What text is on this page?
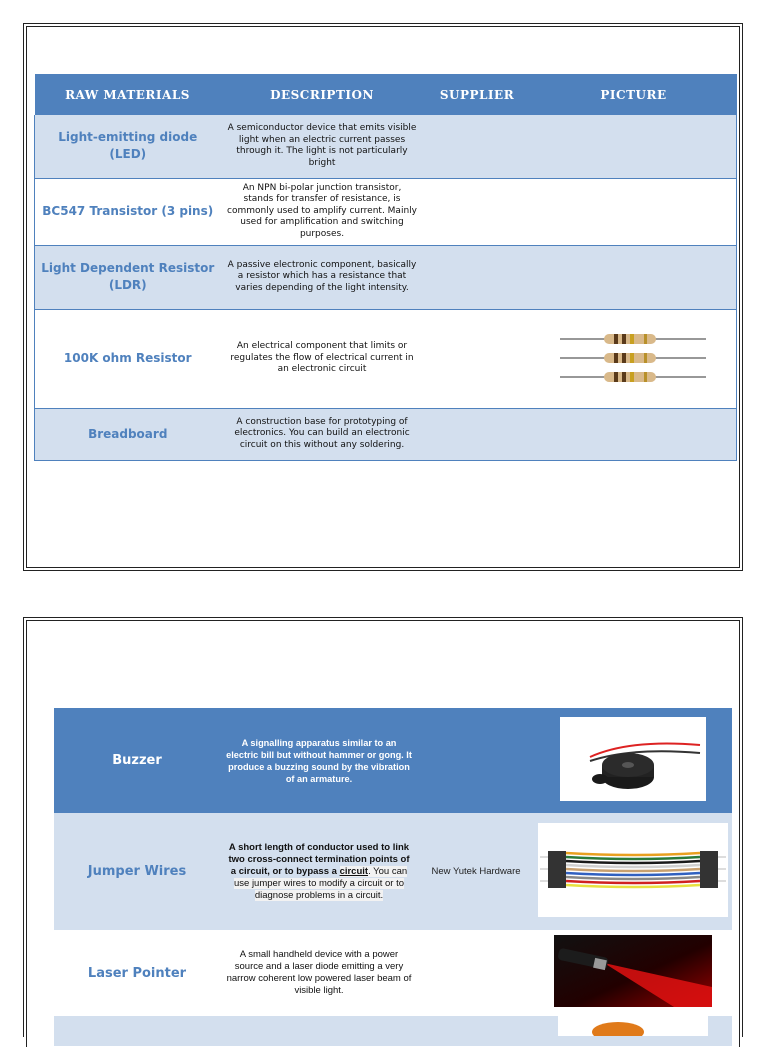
RAW MATERIALS	DESCRIPTION	SUPPLIER	PICTURE
Light-emitting diode (LED)	A semiconductor device that emits visible light when an electric current passes through it. The light is not particularly bright		
BC547 Transistor (3 pins)	An NPN bi-polar junction transistor, stands for transfer of resistance, is commonly used to amplify current. Mainly used for amplification and switching purposes.		
Light Dependent Resistor (LDR)	A passive electronic component, basically a resistor which has a resistance that varies depending of the light intensity.		
100K ohm Resistor	An electrical component that limits or regulates the flow of electrical current in an electronic circuit		
Breadboard	A construction base for prototyping of electronics. You can build an electronic circuit on this without any soldering.		
Buzzer	A signalling apparatus similar to an electric bill but without hammer or gong. It produce a buzzing sound by the vibration of an armature.		
Jumper Wires	A short length of conductor used to link two cross-connect termination points of a circuit, or to bypass a circuit. You can use jumper wires to modify a circuit or to diagnose problems in a circuit.	New Yutek Hardware	
Laser Pointer	A small handheld device with a power source and a laser diode emitting a very narrow coherent low powered laser beam of visible light.		
